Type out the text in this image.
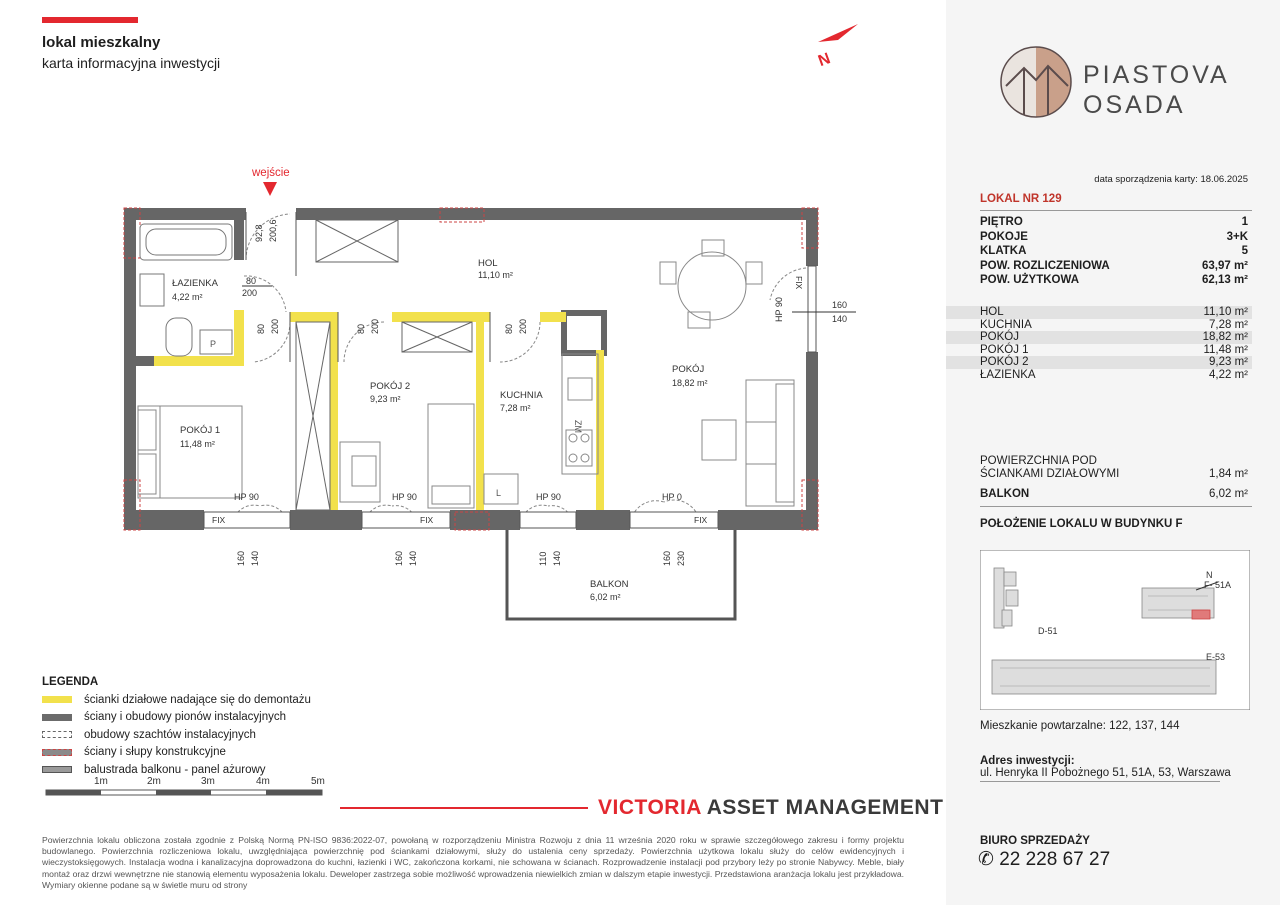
lokal mieszkalny
karta informacyjna inwestycji	N
P
ZM
L
FIX	FIX	FIX
FIX
wejście
ŁAZIENKA
4,22 m²
HOL
11,10 m²
POKÓJ 1
11,48 m²
POKÓJ 2
9,23 m²	KUCHNIA
7,28 m²
POKÓJ
18,82 m²
BALKON
6,02 m²
92,8 200,6
80
200
80 200	80 200	80 200
HP 90	160
140
HP 90	HP 90	HP 90	HP 0
160 140	160 140	110 140	160 230
1m	2m	3m	4m	5m
LEGENDA
ścianki działowe nadające się do demontażu
ściany i obudowy pionów instalacyjnych
obudowy szachtów instalacyjnych
ściany i słupy konstrukcyjne
balustrada balkonu - panel ażurowy
VICTORIA ASSET MANAGEMENT
Powierzchnia lokalu obliczona została zgodnie z Polską Normą PN-ISO 9836:2022-07, powołaną w rozporządzeniu Ministra Rozwoju z dnia 11 września 2020 roku w sprawie szczegółowego zakresu i formy projektu budowlanego. Powierzchnia rozliczeniowa lokalu, uwzględniająca powierzchnię pod ściankami działowymi, służy do ustalenia ceny sprzedaży. Powierzchnia użytkowa lokalu służy do celów ewidencyjnych i wieczystoksięgowych. Instalacja wodna i kanalizacyjna doprowadzona do kuchni, łazienki i WC, zakończona korkami, nie schowana w ścianach. Rozprowadzenie instalacji pod przybory leży po stronie Nabywcy. Meble, biały montaż oraz drzwi wewnętrzne nie stanowią elementu wyposażenia lokalu. Deweloper zastrzega sobie możliwość wprowadzenia niewielkich zmian w dalszym etapie inwestycji. Przedstawiona aranżacja lokalu jest przykładowa. Wymiary okienne podane są w świetle muru od strony
PIASTOVA
OSADA
data sporządzenia karty: 18.06.2025
LOKAL NR 129
PIĘTRO	1
POKOJE	3+K
KLATKA	5
POW. ROZLICZENIOWA	63,97 m²
POW. UŻYTKOWA	62,13 m²
HOL	11,10 m²
KUCHNIA	7,28 m²
POKÓJ	18,82 m²
POKÓJ 1	11,48 m²
POKÓJ 2	9,23 m²
ŁAZIENKA	4,22 m²
POWIERZCHNIA POD
ŚCIANKAMI DZIAŁOWYMI	1,84 m²
BALKON	6,02 m²
POŁOŻENIE LOKALU W BUDYNKU F
D-51
F- 51A
E-53
N
Mieszkanie powtarzalne: 122, 137, 144
Adres inwestycji:
ul. Henryka II Pobożnego 51, 51A, 53, Warszawa
BIURO SPRZEDAŻY
✆ 22 228 67 27
